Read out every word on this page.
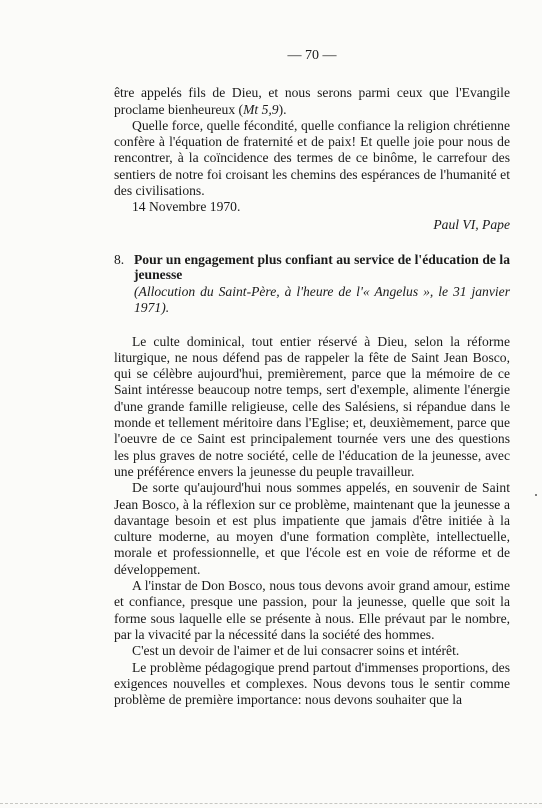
— 70 —

être appelés fils de Dieu, et nous serons parmi ceux que l'Evangile proclame bienheureux (Mt 5,9).

Quelle force, quelle fécondité, quelle confiance la religion chrétienne confère à l'équation de fraternité et de paix! Et quelle joie pour nous de rencontrer, à la coïncidence des termes de ce binôme, le carrefour des sentiers de notre foi croisant les chemins des espérances de l'humanité et des civilisations.

14 Novembre 1970.

Paul VI, Pape

8. Pour un engagement plus confiant au service de l'éducation de la jeunesse
(Allocution du Saint-Père, à l'heure de l'« Angelus », le 31 janvier 1971).

Le culte dominical, tout entier réservé à Dieu, selon la réforme liturgique, ne nous défend pas de rappeler la fête de Saint Jean Bosco, qui se célèbre aujourd'hui, premièrement, parce que la mémoire de ce Saint intéresse beaucoup notre temps, sert d'exemple, alimente l'énergie d'une grande famille religieuse, celle des Salésiens, si répandue dans le monde et tellement méritoire dans l'Eglise; et, deuxièmement, parce que l'oeuvre de ce Saint est principalement tournée vers une des questions les plus graves de notre société, celle de l'éducation de la jeunesse, avec une préférence envers la jeunesse du peuple travailleur.

De sorte qu'aujourd'hui nous sommes appelés, en souvenir de Saint Jean Bosco, à la réflexion sur ce problème, maintenant que la jeunesse a davantage besoin et est plus impatiente que jamais d'être initiée à la culture moderne, au moyen d'une formation complète, intellectuelle, morale et professionnelle, et que l'école est en voie de réforme et de développement.

A l'instar de Don Bosco, nous tous devons avoir grand amour, estime et confiance, presque une passion, pour la jeunesse, quelle que soit la forme sous laquelle elle se présente à nous. Elle prévaut par le nombre, par la vivacité par la nécessité dans la société des hommes.

C'est un devoir de l'aimer et de lui consacrer soins et intérêt.

Le problème pédagogique prend partout d'immenses proportions, des exigences nouvelles et complexes. Nous devons tous le sentir comme problème de première importance: nous devons souhaiter que la
